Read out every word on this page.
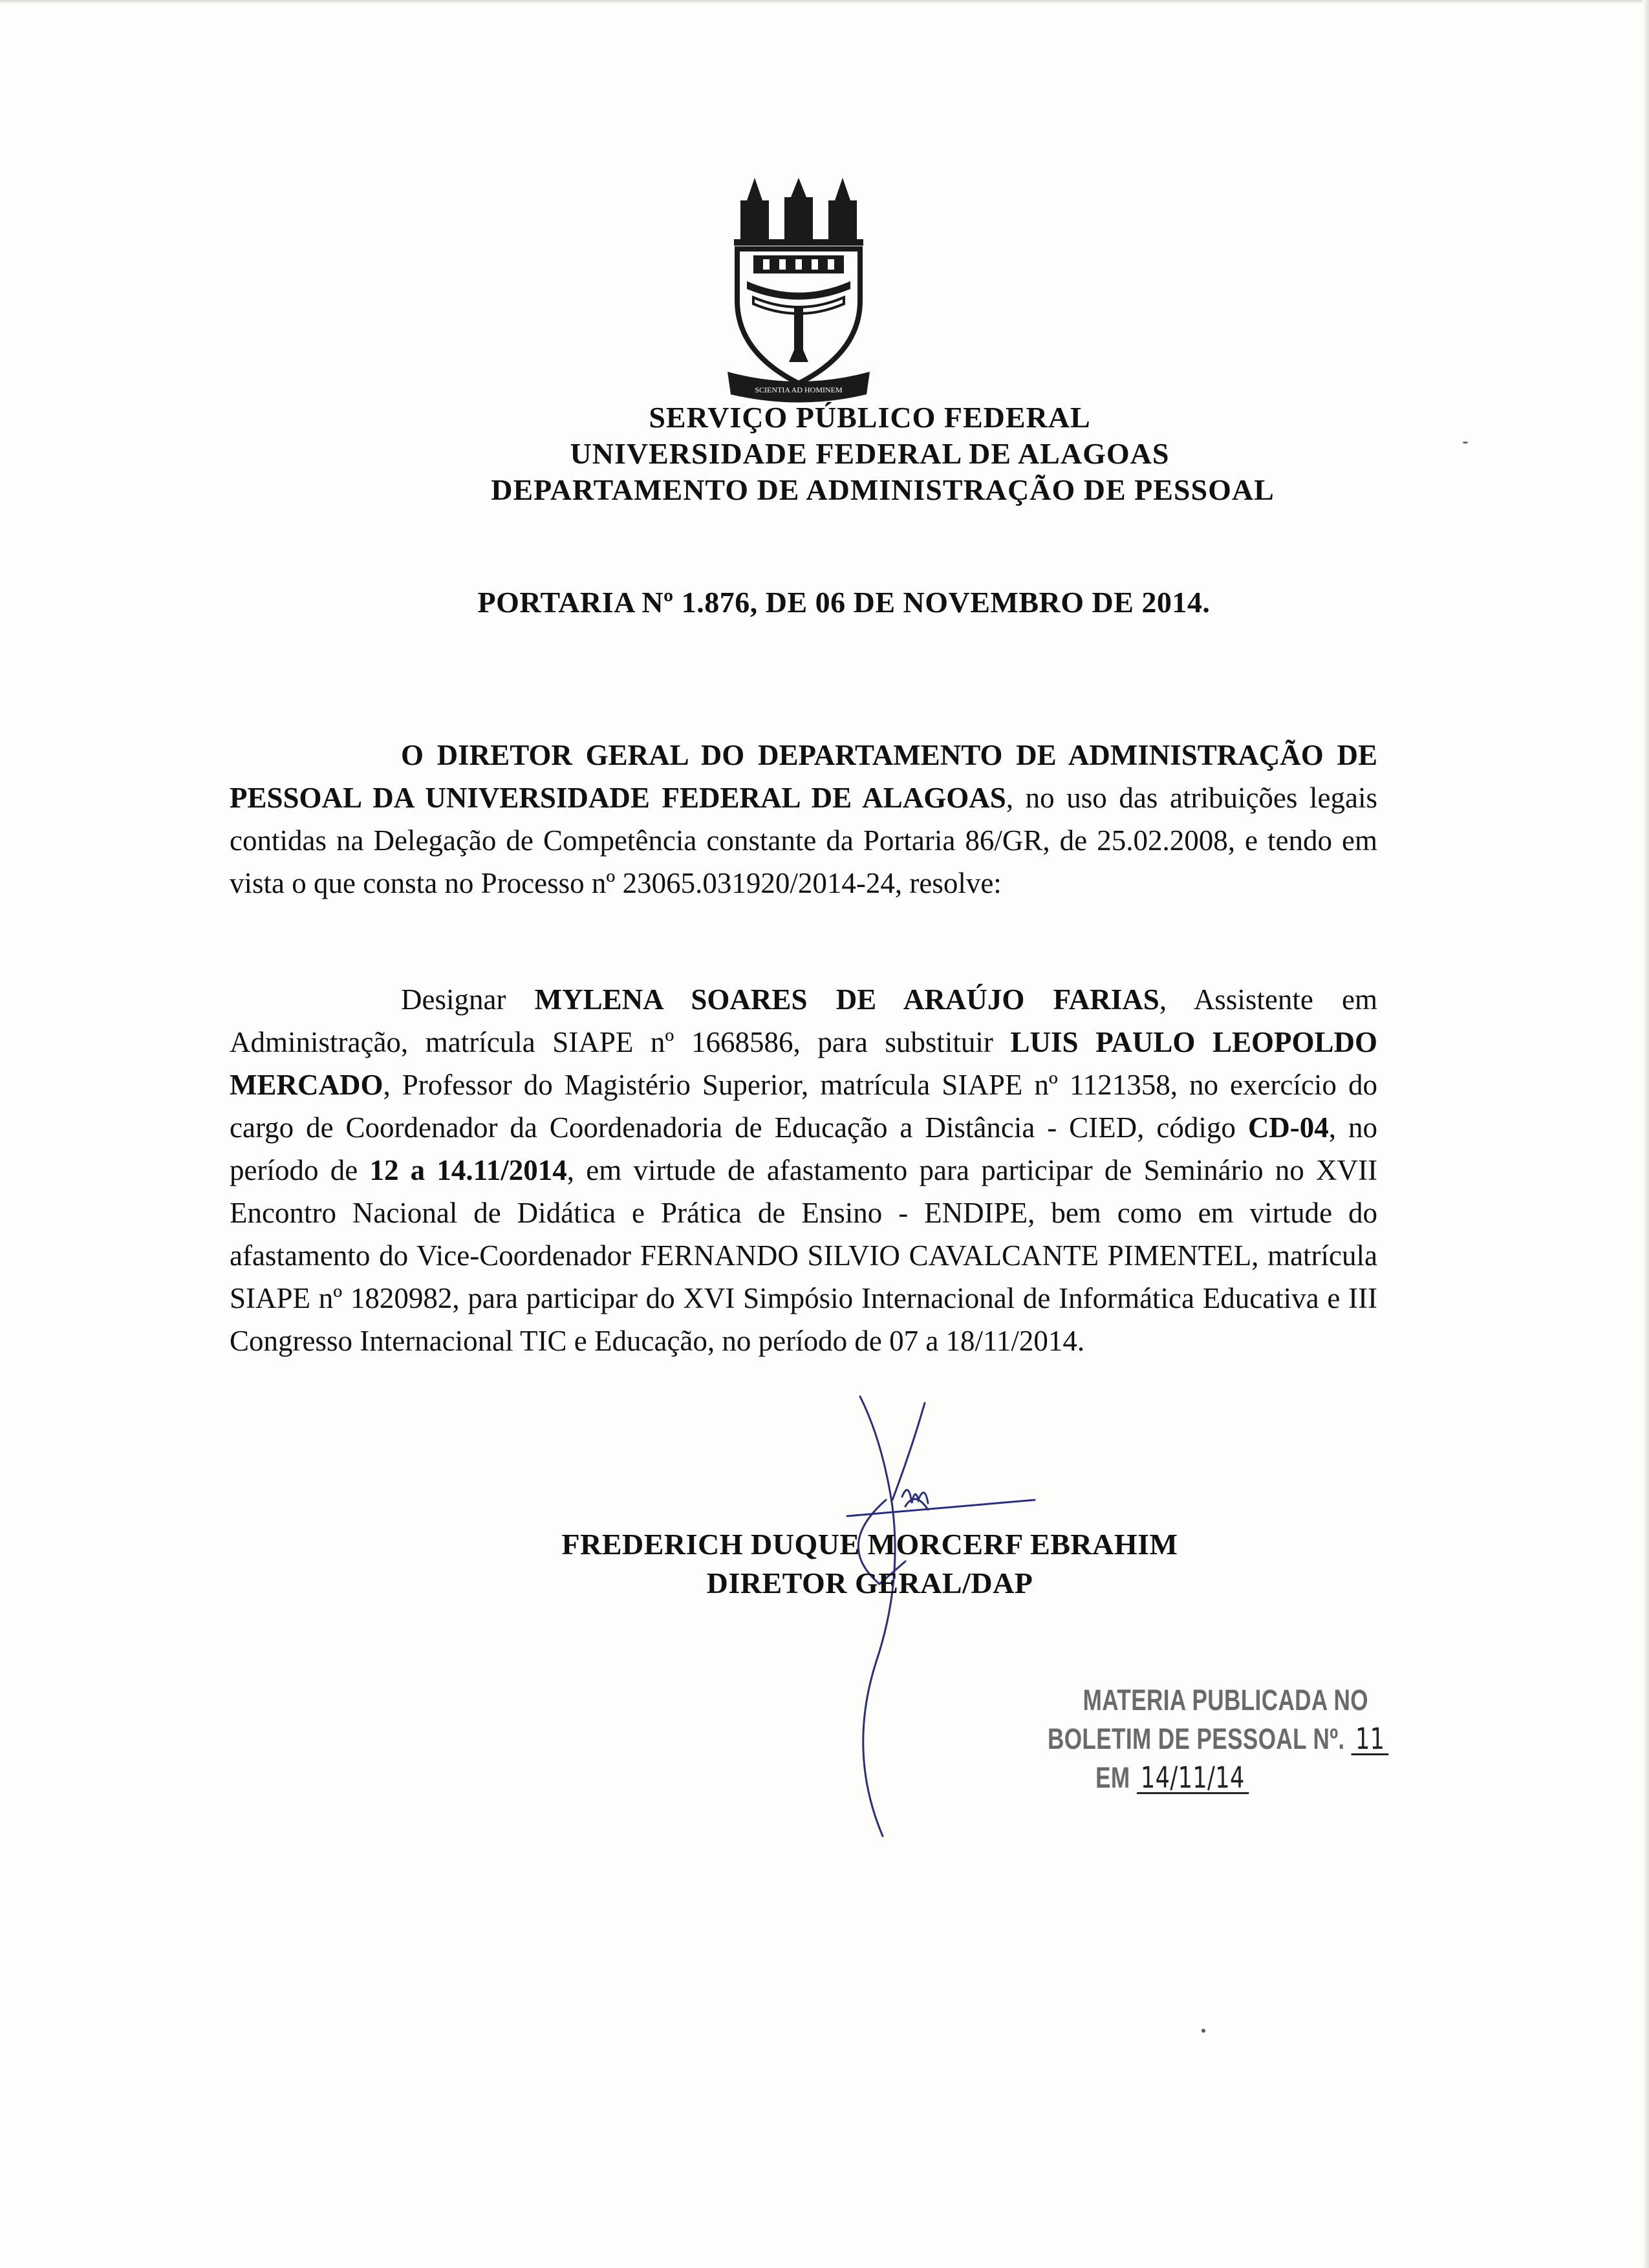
SCIENTIA AD HOMINEM
SERVIÇO PÚBLICO FEDERAL
UNIVERSIDADE FEDERAL DE ALAGOAS
DEPARTAMENTO DE ADMINISTRAÇÃO DE PESSOAL
PORTARIA Nº 1.876, DE 06 DE NOVEMBRO DE 2014.
O DIRETOR GERAL DO DEPARTAMENTO DE ADMINISTRAÇÃO DE PESSOAL DA UNIVERSIDADE FEDERAL DE ALAGOAS, no uso das atribuições legais contidas na Delegação de Competência constante da Portaria 86/GR, de 25.02.2008, e tendo em vista o que consta no Processo nº 23065.031920/2014-24, resolve:
Designar MYLENA SOARES DE ARAÚJO FARIAS, Assistente em Administração, matrícula SIAPE nº 1668586, para substituir LUIS PAULO LEOPOLDO MERCADO, Professor do Magistério Superior, matrícula SIAPE nº 1121358, no exercício do cargo de Coordenador da Coordenadoria de Educação a Distância - CIED, código CD-04, no período de 12 a 14.11/2014, em virtude de afastamento para participar de Seminário no XVII Encontro Nacional de Didática e Prática de Ensino - ENDIPE, bem como em virtude do afastamento do Vice-Coordenador FERNANDO SILVIO CAVALCANTE PIMENTEL, matrícula SIAPE nº 1820982, para participar do XVI Simpósio Internacional de Informática Educativa e III Congresso Internacional TIC e Educação, no período de 07 a 18/11/2014.
FREDERICH DUQUE MORCERF EBRAHIM
DIRETOR GERAL/DAP
MATERIA PUBLICADA NO
BOLETIM DE PESSOAL Nº. 11
EM 14/11/14
